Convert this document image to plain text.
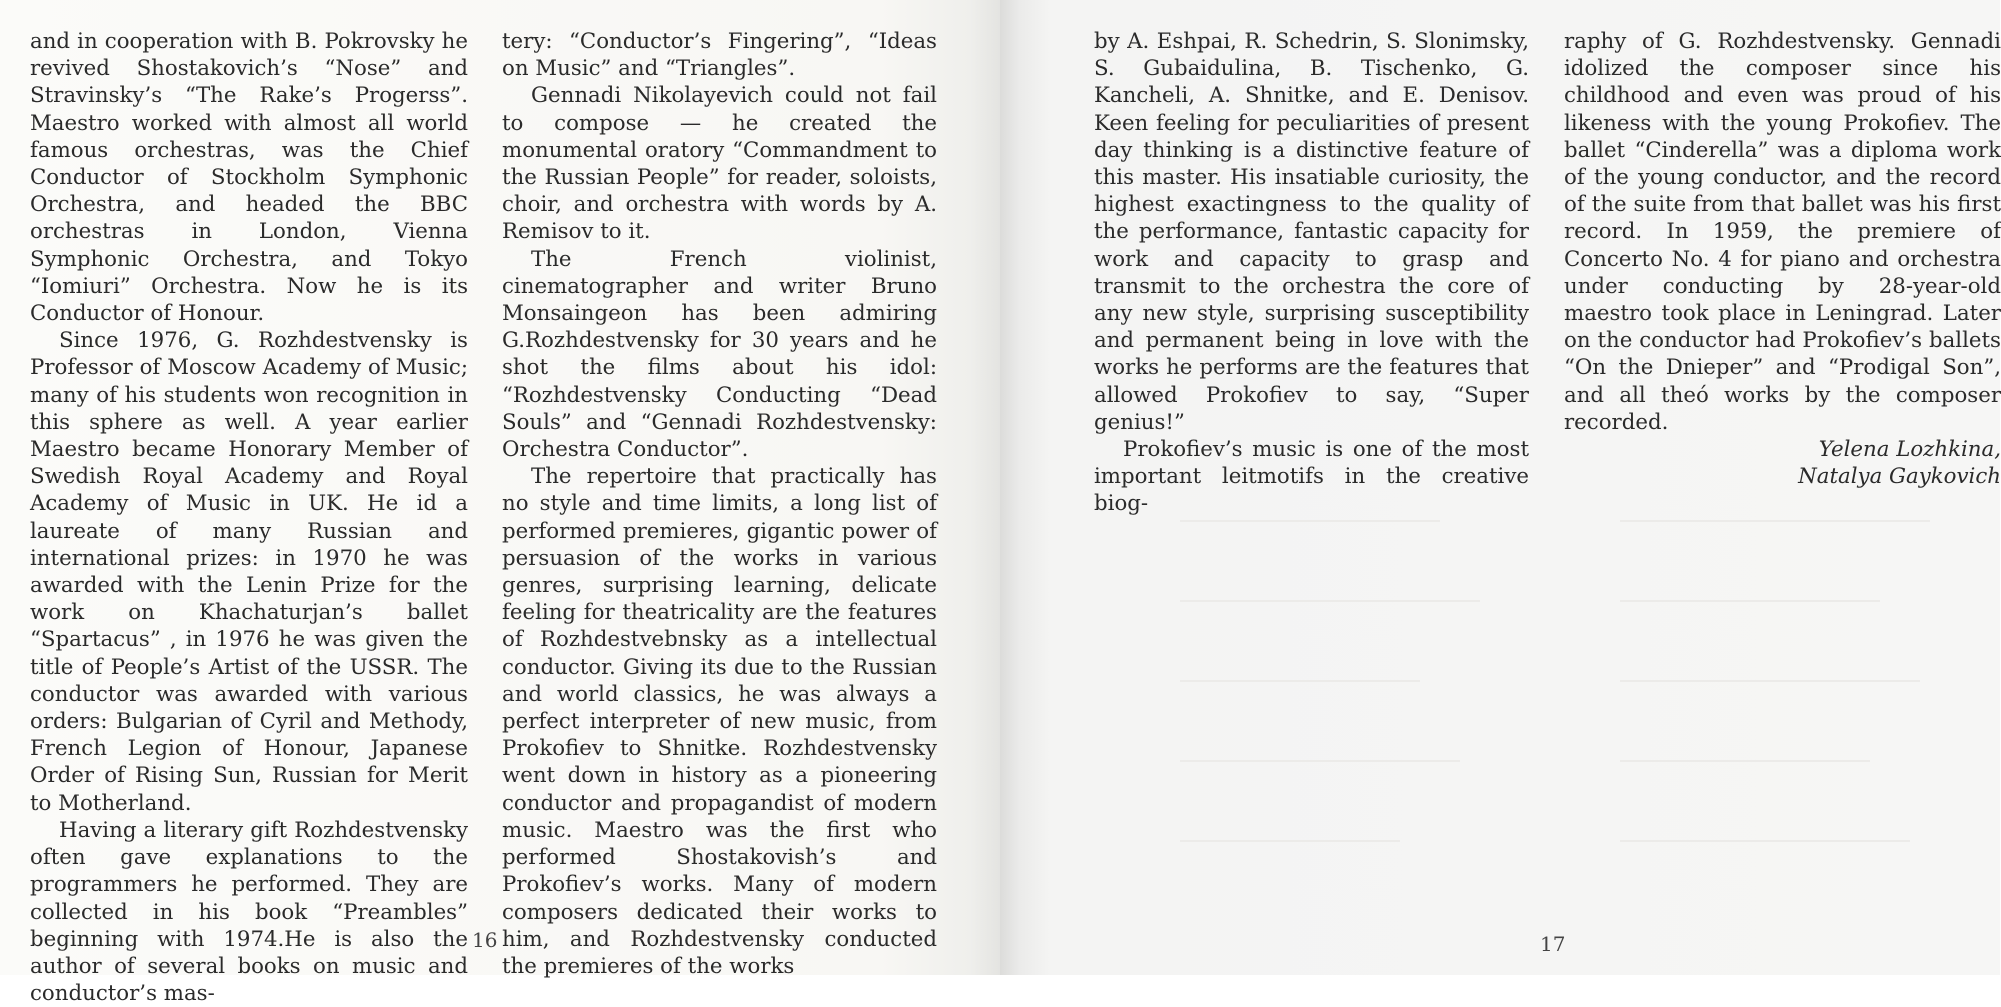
and in cooperation with B. Pokrovsky he revived Shostakovich’s “Nose” and Stravinsky’s “The Rake’s Progerss”. Maestro worked with almost all world famous orchestras, was the Chief Conductor of Stockholm Symphonic Orchestra, and headed the BBC orchestras in London, Vienna Symphonic Orchestra, and Tokyo “Iomiuri” Orchestra. Now he is its Conductor of Honour.

Since 1976, G. Rozhdestvensky is Professor of Moscow Academy of Music; many of his students won recognition in this sphere as well. A year earlier Maestro became Honorary Member of Swedish Royal Academy and Royal Academy of Music in UK. He id a laureate of many Russian and international prizes: in 1970 he was awarded with the Lenin Prize for the work on Khachaturjan’s ballet “Spartacus” , in 1976 he was given the title of People’s Artist of the USSR. The conductor was awarded with various orders: Bulgarian of Cyril and Methody, French Legion of Honour, Japanese Order of Rising Sun, Russian for Merit to Motherland.

Having a literary gift Rozhdestvensky often gave explanations to the programmers he performed. They are collected in his book “Preambles” beginning with 1974.He is also the author of several books on music and conductor’s mas-

tery: “Conductor’s Fingering”, “Ideas on Music” and “Triangles”.

Gennadi Nikolayevich could not fail to compose — he created the monumental oratory “Commandment to the Russian People” for reader, soloists, choir, and orchestra with words by A. Remisov to it.

The French violinist, cinematographer and writer Bruno Monsaingeon has been admiring G.Rozhdestvensky for 30 years and he shot the films about his idol: “Rozhdestvensky Conducting “Dead Souls” and “Gennadi Rozhdestvensky: Orchestra Conductor”.

The repertoire that practically has no style and time limits, a long list of performed premieres, gigantic power of persuasion of the works in various genres, surprising learning, delicate feeling for theatricality are the features of Rozhdestvebnsky as a intellectual conductor. Giving its due to the Russian and world classics, he was always a perfect interpreter of new music, from Prokofiev to Shnitke. Rozhdestvensky went down in history as a pioneering conductor and propagandist of modern music. Maestro was the first who performed Shostakovish’s and Prokofiev’s works. Many of modern composers dedicated their works to him, and Rozhdestvensky conducted the premieres of the works

16

by A. Eshpai, R. Schedrin, S. Slonimsky, S. Gubaidulina, B. Tischenko, G. Kancheli, A. Shnitke, and E. Denisov. Keen feeling for peculiarities of present day thinking is a distinctive feature of this master. His insatiable curiosity, the highest exactingness to the quality of the performance, fantastic capacity for work and capacity to grasp and transmit to the orchestra the core of any new style, surprising susceptibility and permanent being in love with the works he performs are the features that allowed Prokofiev to say, “Super genius!”

Prokofiev’s music is one of the most important leitmotifs in the creative biog-

raphy of G. Rozhdestvensky. Gennadi idolized the composer since his childhood and even was proud of his likeness with the young Prokofiev. The ballet “Cinderella” was a diploma work of the young conductor, and the record of the suite from that ballet was his first record. In 1959, the premiere of Concerto No. 4 for piano and orchestra under conducting by 28-year-old maestro took place in Leningrad. Later on the conductor had Prokofiev’s ballets “On the Dnieper” and “Prodigal Son”, and all theó works by the composer recorded.

Yelena Lozhkina,

Natalya Gaykovich

17
